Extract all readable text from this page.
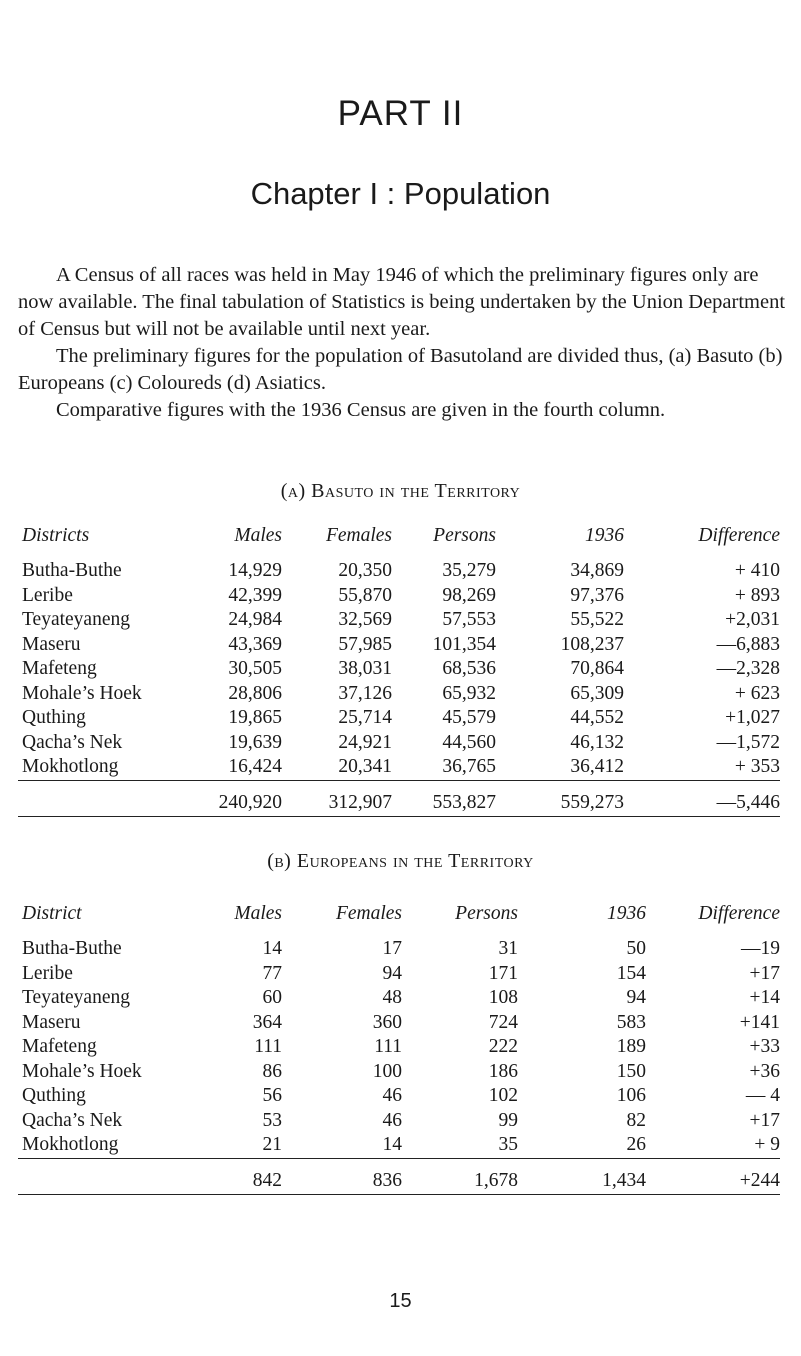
PART II
Chapter I : Population

A Census of all races was held in May 1946 of which the preliminary figures only are now available. The final tabulation of Statistics is being undertaken by the Union Department of Census but will not be available until next year.

The preliminary figures for the population of Basutoland are divided thus, (a) Basuto (b) Europeans (c) Coloureds (d) Asiatics.

Comparative figures with the 1936 Census are given in the fourth column.

(a) Basuto in the Territory
Districts	Males	Females	Persons	1936	Difference
Butha-Buthe	14,929	20,350	35,279	34,869	+ 410
Leribe	42,399	55,870	98,269	97,376	+ 893
Teyateyaneng	24,984	32,569	57,553	55,522	+2,031
Maseru	43,369	57,985	101,354	108,237	—6,883
Mafeteng	30,505	38,031	68,536	70,864	—2,328
Mohale’s Hoek	28,806	37,126	65,932	65,309	+ 623
Quthing	19,865	25,714	45,579	44,552	+1,027
Qacha’s Nek	19,639	24,921	44,560	46,132	—1,572
Mokhotlong	16,424	20,341	36,765	36,412	+ 353
	240,920	312,907	553,827	559,273	—5,446
(b) Europeans in the Territory
District	Males	Females	Persons	1936	Difference
Butha-Buthe	14	17	31	50	—19
Leribe	77	94	171	154	+17
Teyateyaneng	60	48	108	94	+14
Maseru	364	360	724	583	+141
Mafeteng	111	111	222	189	+33
Mohale’s Hoek	86	100	186	150	+36
Quthing	56	46	102	106	— 4
Qacha’s Nek	53	46	99	82	+17
Mokhotlong	21	14	35	26	+ 9
	842	836	1,678	1,434	+244
15
